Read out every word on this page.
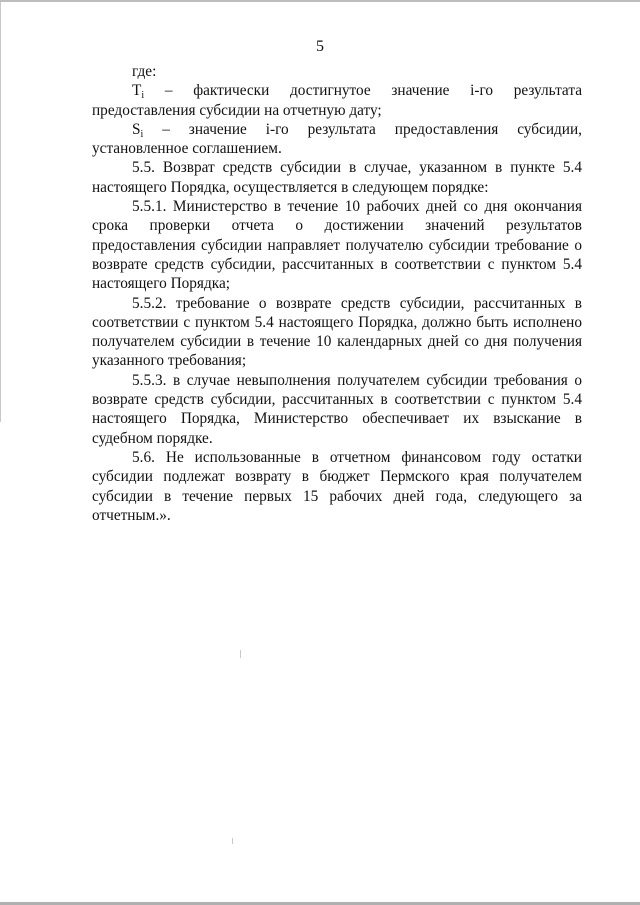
5

где:

$T_i$ – фактически достигнутое значение i-го результата предоставления субсидии на отчетную дату;

$S_i$ – значение i-го результата предоставления субсидии, установленное соглашением.

5.5. Возврат средств субсидии в случае, указанном в пункте 5.4 настоящего Порядка, осуществляется в следующем порядке:

5.5.1. Министерство в течение 10 рабочих дней со дня окончания срока проверки отчета о достижении значений результатов предоставления субсидии направляет получателю субсидии требование о возврате средств субсидии, рассчитанных в соответствии с пунктом 5.4 настоящего Порядка;

5.5.2. требование о возврате средств субсидии, рассчитанных в соответствии с пунктом 5.4 настоящего Порядка, должно быть исполнено получателем субсидии в течение 10 календарных дней со дня получения указанного требования;

5.5.3. в случае невыполнения получателем субсидии требования о возврате средств субсидии, рассчитанных в соответствии с пунктом 5.4 настоящего Порядка, Министерство обеспечивает их взыскание в судебном порядке.

5.6. Не использованные в отчетном финансовом году остатки субсидии подлежат возврату в бюджет Пермского края получателем субсидии в течение первых 15 рабочих дней года, следующего за отчетным.».
